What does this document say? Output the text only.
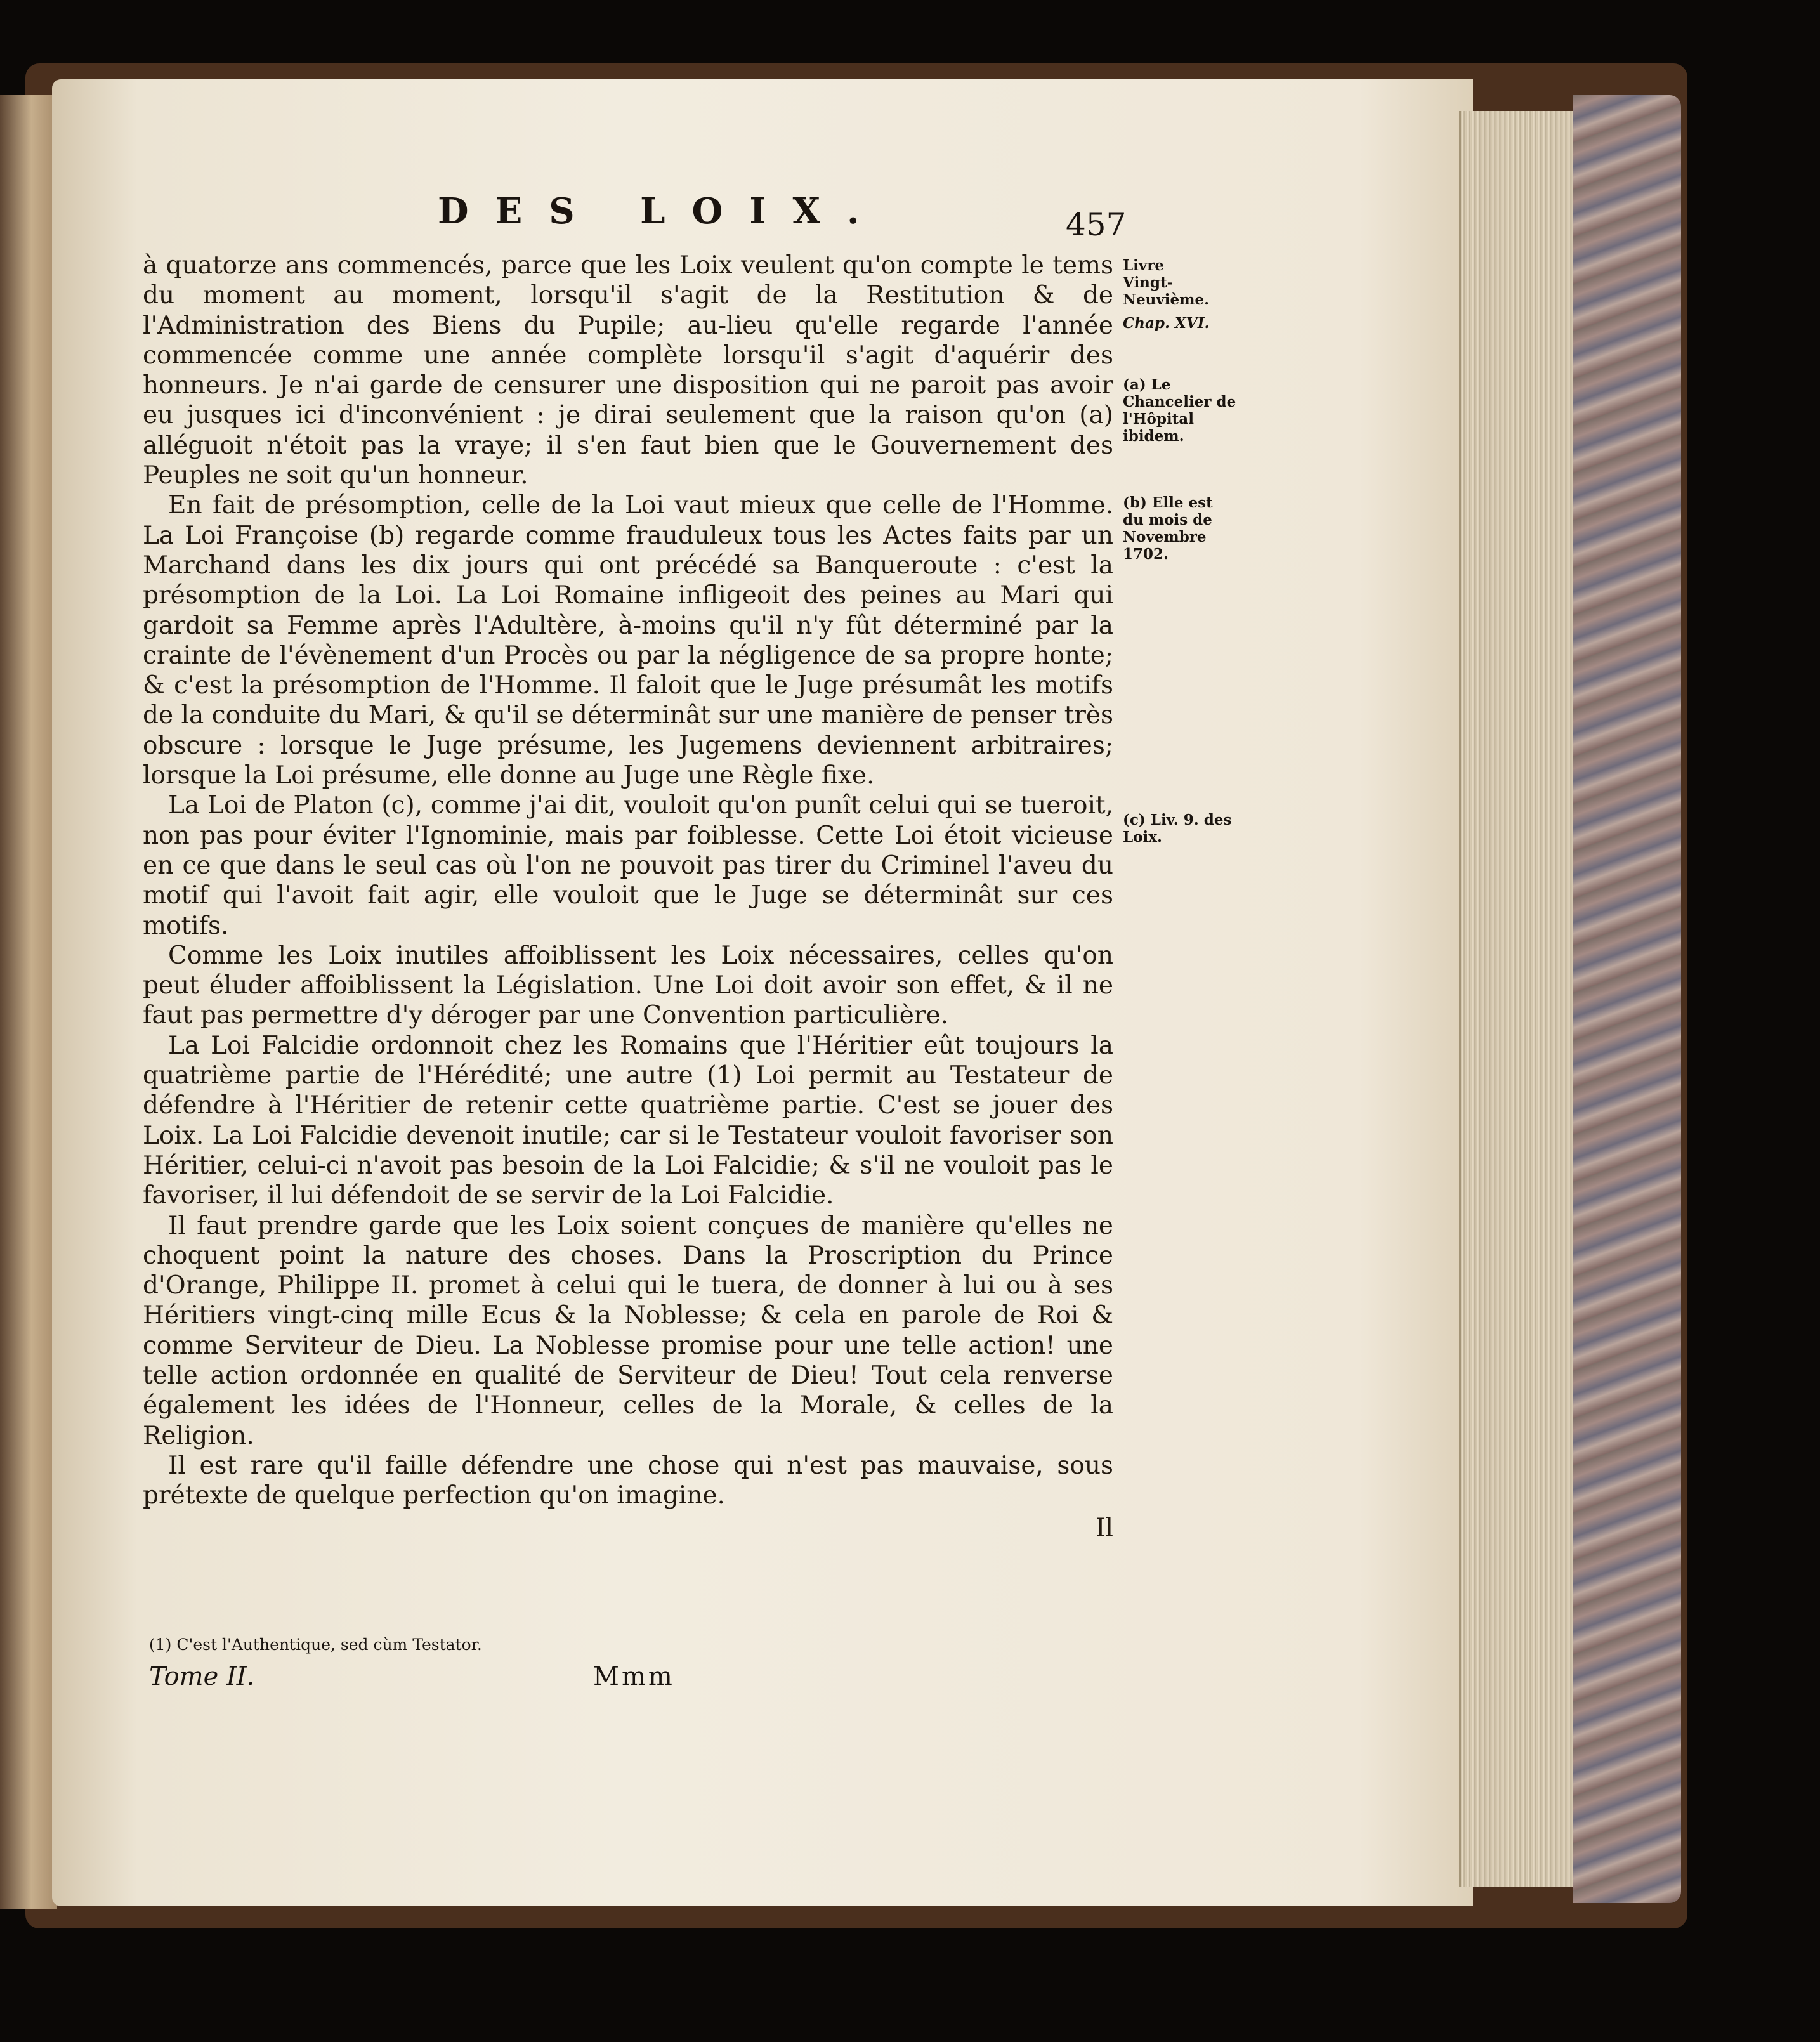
DES LOIX.	457

à quatorze ans commencés, parce que les Loix veulent qu'on compte le tems du moment au moment, lorsqu'il s'agit de la Restitution & de l'Administration des Biens du Pupile; au-lieu qu'elle regarde l'année commencée comme une année complète lorsqu'il s'agit d'aquérir des honneurs. Je n'ai garde de censurer une disposition qui ne paroit pas avoir eu jusques ici d'inconvénient : je dirai seulement que la raison qu'on (a) alléguoit n'étoit pas la vraye; il s'en faut bien que le Gouvernement des Peuples ne soit qu'un honneur.

En fait de présomption, celle de la Loi vaut mieux que celle de l'Homme. La Loi Françoise (b) regarde comme frauduleux tous les Actes faits par un Marchand dans les dix jours qui ont précédé sa Banqueroute : c'est la présomption de la Loi. La Loi Romaine infligeoit des peines au Mari qui gardoit sa Femme après l'Adultère, à-moins qu'il n'y fût déterminé par la crainte de l'évènement d'un Procès ou par la négligence de sa propre honte; & c'est la présomption de l'Homme. Il faloit que le Juge présumât les motifs de la conduite du Mari, & qu'il se déterminât sur une manière de penser très obscure : lorsque le Juge présume, les Jugemens deviennent arbitraires; lorsque la Loi présume, elle donne au Juge une Règle fixe.

La Loi de Platon (c), comme j'ai dit, vouloit qu'on punît celui qui se tueroit, non pas pour éviter l'Ignominie, mais par foiblesse. Cette Loi étoit vicieuse en ce que dans le seul cas où l'on ne pouvoit pas tirer du Criminel l'aveu du motif qui l'avoit fait agir, elle vouloit que le Juge se déterminât sur ces motifs.

Comme les Loix inutiles affoiblissent les Loix nécessaires, celles qu'on peut éluder affoiblissent la Législation. Une Loi doit avoir son effet, & il ne faut pas permettre d'y déroger par une Convention particulière.

La Loi Falcidie ordonnoit chez les Romains que l'Héritier eût toujours la quatrième partie de l'Hérédité; une autre (1) Loi permit au Testateur de défendre à l'Héritier de retenir cette quatrième partie. C'est se jouer des Loix. La Loi Falcidie devenoit inutile; car si le Testateur vouloit favoriser son Héritier, celui-ci n'avoit pas besoin de la Loi Falcidie; & s'il ne vouloit pas le favoriser, il lui défendoit de se servir de la Loi Falcidie.

Il faut prendre garde que les Loix soient conçues de manière qu'elles ne choquent point la nature des choses. Dans la Proscription du Prince d'Orange, Philippe II. promet à celui qui le tuera, de donner à lui ou à ses Héritiers vingt-cinq mille Ecus & la Noblesse; & cela en parole de Roi & comme Serviteur de Dieu. La Noblesse promise pour une telle action! une telle action ordonnée en qualité de Serviteur de Dieu! Tout cela renverse également les idées de l'Honneur, celles de la Morale, & celles de la Religion.

Il est rare qu'il faille défendre une chose qui n'est pas mauvaise, sous prétexte de quelque perfection qu'on imagine.

Il

Livre
Vingt-
Neuvième.
Chap. XVI.
(a) Le Chancelier de l'Hôpital ibidem.
(b) Elle est du mois de Novembre 1702.
(c) Liv. 9. des Loix.
(1) C'est l'Authentique, sed cùm Testator.
Tome II.	Mmm
